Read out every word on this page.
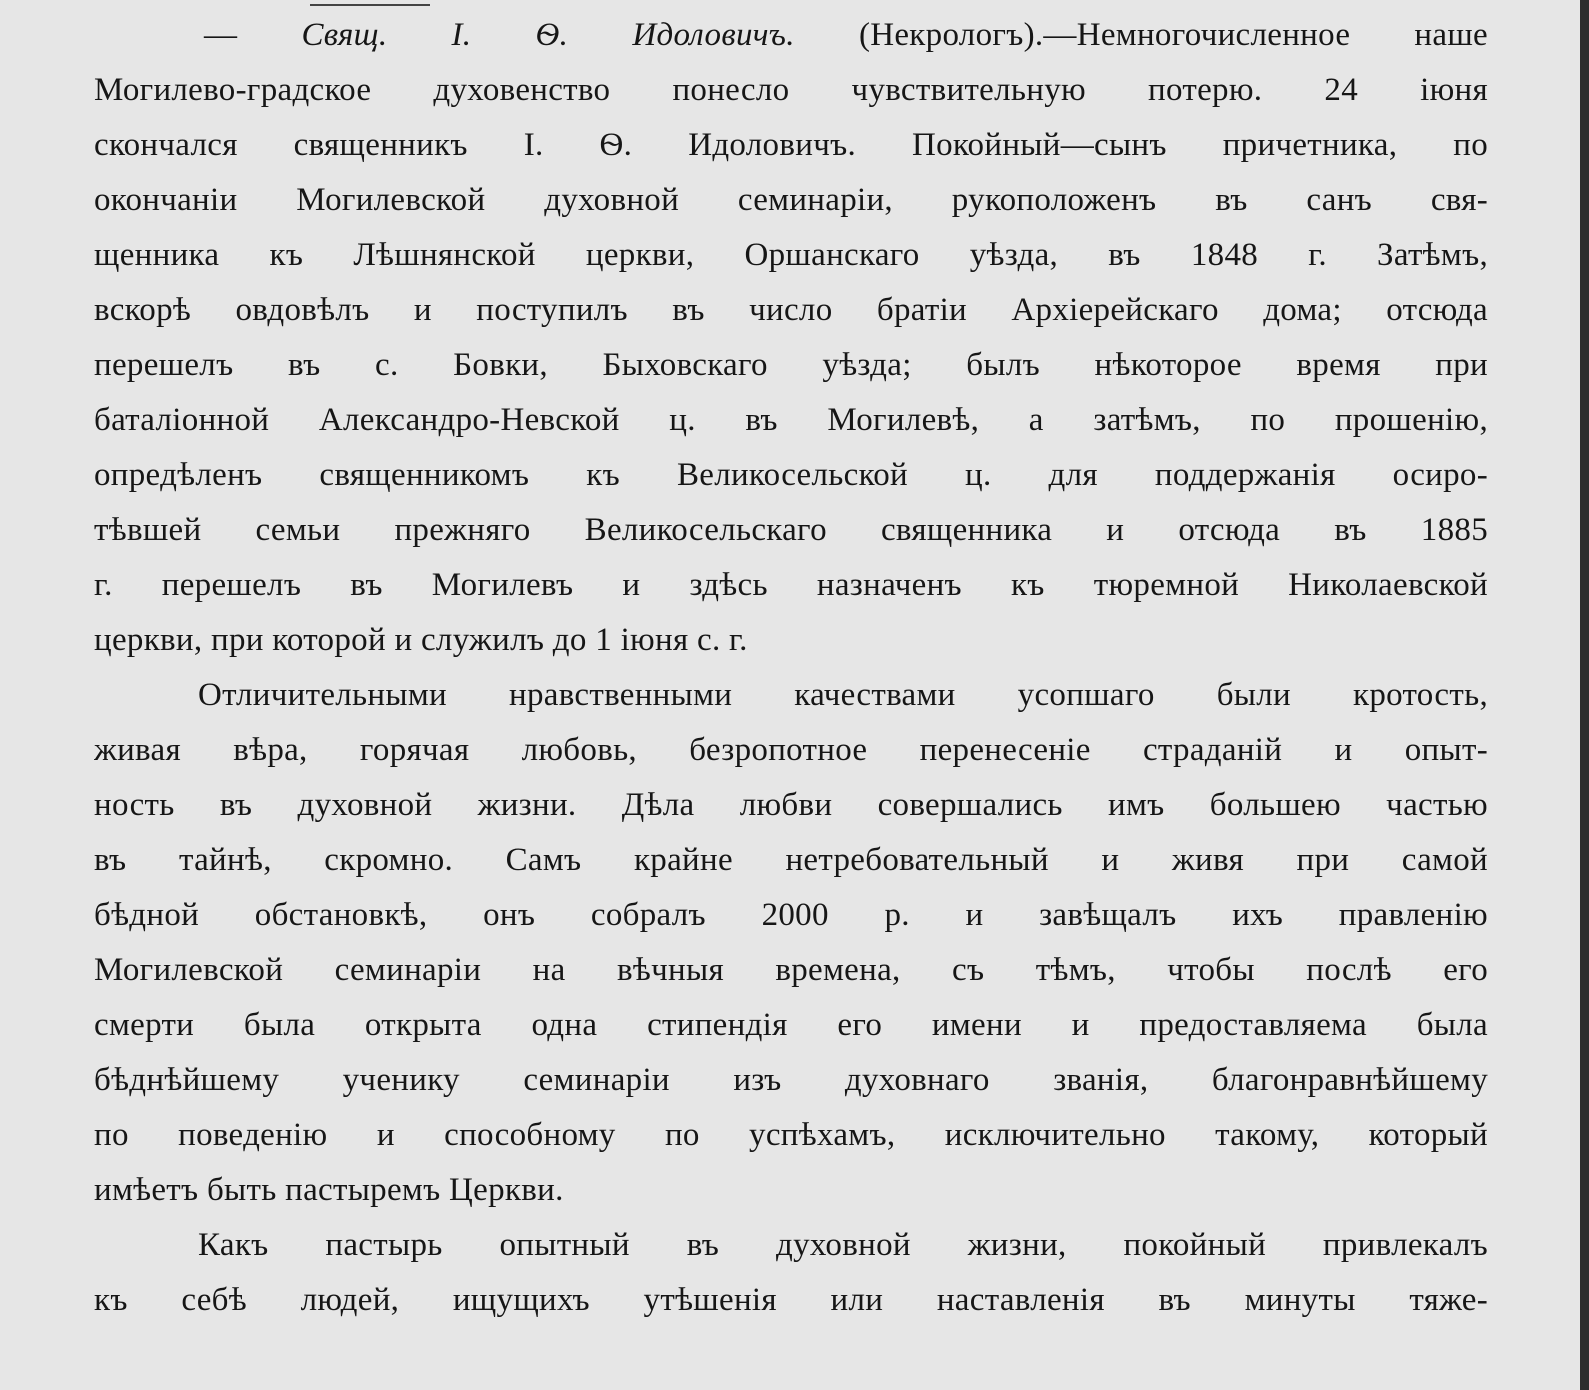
— Свящ. I. Ѳ. Идоловичъ. (Некрологъ).—Немногочисленное наше
Могилево-градское духовенство понесло чувствительную потерю. 24 іюня
скончался священникъ I. Ѳ. Идоловичъ. Покойный—сынъ причетника, по
окончаніи Могилевской духовной семинаріи, рукоположенъ въ санъ свя-
щенника къ Лѣшнянской церкви, Оршанскаго уѣзда, въ 1848 г. Затѣмъ,
вскорѣ овдовѣлъ и поступилъ въ число братіи Архіерейскаго дома; отсюда
перешелъ въ с. Бовки, Быховскаго уѣзда; былъ нѣкоторое время при
баталіонной Александро-Невской ц. въ Могилевѣ, а затѣмъ, по прошенію,
опредѣленъ священникомъ къ Великосельской ц. для поддержанія осиро-
тѣвшей семьи прежняго Великосельскаго священника и отсюда въ 1885
г. перешелъ въ Могилевъ и здѣсь назначенъ къ тюремной Николаевской
церкви, при которой и служилъ до 1 іюня с. г.
Отличительными нравственными качествами усопшаго были кротость,
живая вѣра, горячая любовь, безропотное перенесеніе страданій и опыт-
ность въ духовной жизни. Дѣла любви совершались имъ большею частью
въ тайнѣ, скромно. Самъ крайне нетребовательный и живя при самой
бѣдной обстановкѣ, онъ собралъ 2000 р. и завѣщалъ ихъ правленію
Могилевской семинаріи на вѣчныя времена, съ тѣмъ, чтобы послѣ его
смерти была открыта одна стипендія его имени и предоставляема была
бѣднѣйшему ученику семинаріи изъ духовнаго званія, благонравнѣйшему
по поведенію и способному по успѣхамъ, исключительно такому, который
имѣетъ быть пастыремъ Церкви.
Какъ пастырь опытный въ духовной жизни, покойный привлекалъ
къ себѣ людей, ищущихъ утѣшенія или наставленія въ минуты тяже-
